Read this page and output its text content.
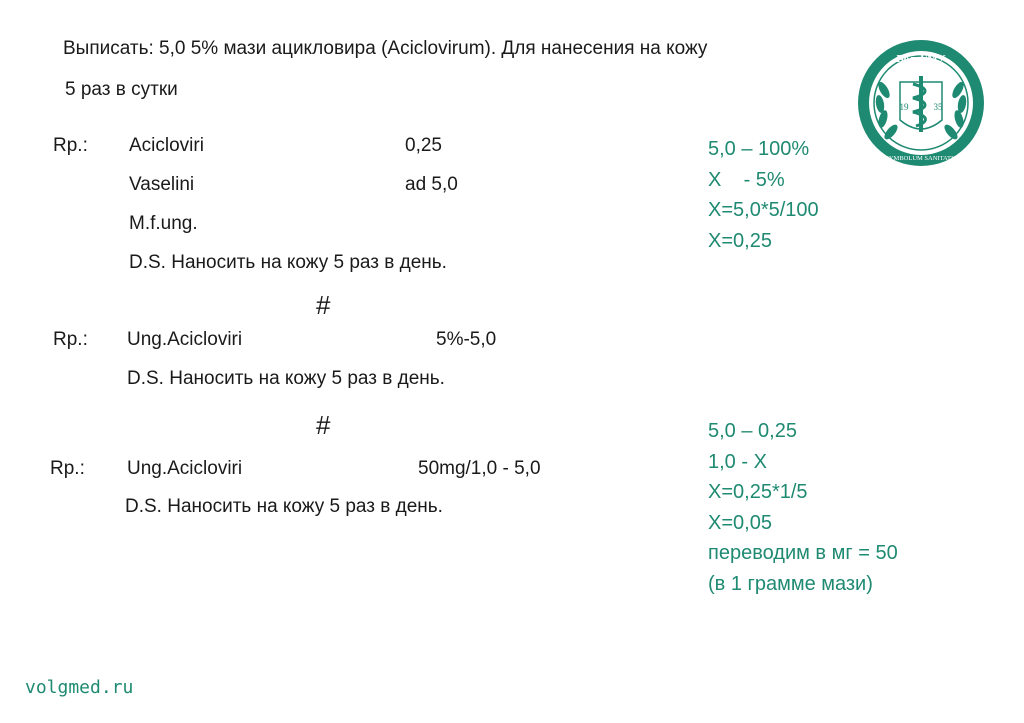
Выписать: 5,0 5% мази ацикловира (Aciclovirum). Для нанесения на кожу
5 раз в сутки
Rp.: Aciclоviri	0,25
Vaselini	ad 5,0
M.f.ung.
D.S. Наносить на кожу 5 раз в день.
#
Rp.: Ung.Aciclоviri	5%-5,0
D.S. Наносить на кожу 5 раз в день.
#
Rp.: Ung.Aciclоviri	50mg/1,0 - 5,0
D.S. Наносить на кожу 5 раз в день.
5,0 – 100%
X    - 5%
X=5,0*5/100
X=0,25
5,0 – 0,25
1,0 - X
X=0,25*1/5
X=0,05
переводим в мг = 50
(в 1 грамме мази)
ВолгГМУ
19	35
SYMBOLUM SANITATIS
volgmed.ru
